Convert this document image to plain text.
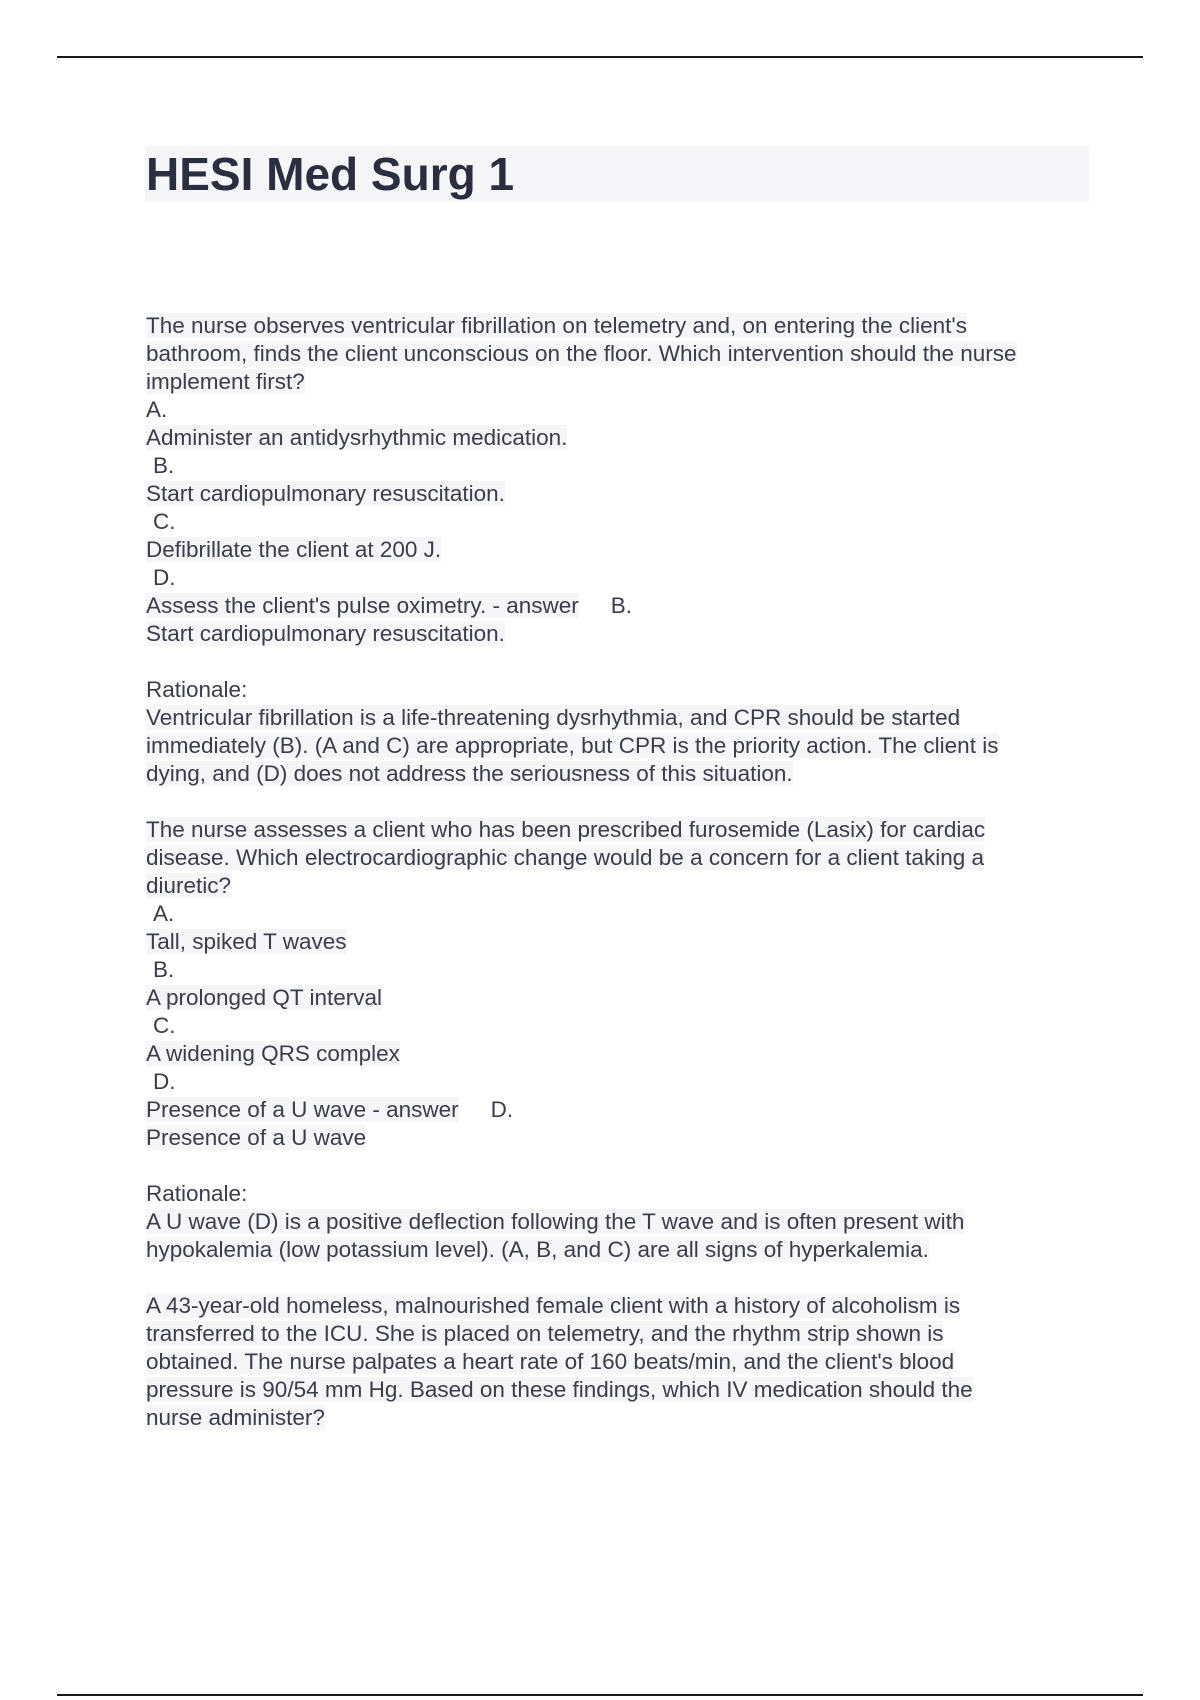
HESI Med Surg 1
The nurse observes ventricular fibrillation on telemetry and, on entering the client's
bathroom, finds the client unconscious on the floor. Which intervention should the nurse
implement first?
A.
Administer an antidysrhythmic medication.
B.
Start cardiopulmonary resuscitation.
C.
Defibrillate the client at 200 J.
D.
Assess the client's pulse oximetry. - answer B.
Start cardiopulmonary resuscitation.
Rationale:
Ventricular fibrillation is a life-threatening dysrhythmia, and CPR should be started
immediately (B). (A and C) are appropriate, but CPR is the priority action. The client is
dying, and (D) does not address the seriousness of this situation.
The nurse assesses a client who has been prescribed furosemide (Lasix) for cardiac
disease. Which electrocardiographic change would be a concern for a client taking a
diuretic?
A.
Tall, spiked T waves
B.
A prolonged QT interval
C.
A widening QRS complex
D.
Presence of a U wave - answer D.
Presence of a U wave
Rationale:
A U wave (D) is a positive deflection following the T wave and is often present with
hypokalemia (low potassium level). (A, B, and C) are all signs of hyperkalemia.
A 43-year-old homeless, malnourished female client with a history of alcoholism is
transferred to the ICU. She is placed on telemetry, and the rhythm strip shown is
obtained. The nurse palpates a heart rate of 160 beats/min, and the client's blood
pressure is 90/54 mm Hg. Based on these findings, which IV medication should the
nurse administer?
